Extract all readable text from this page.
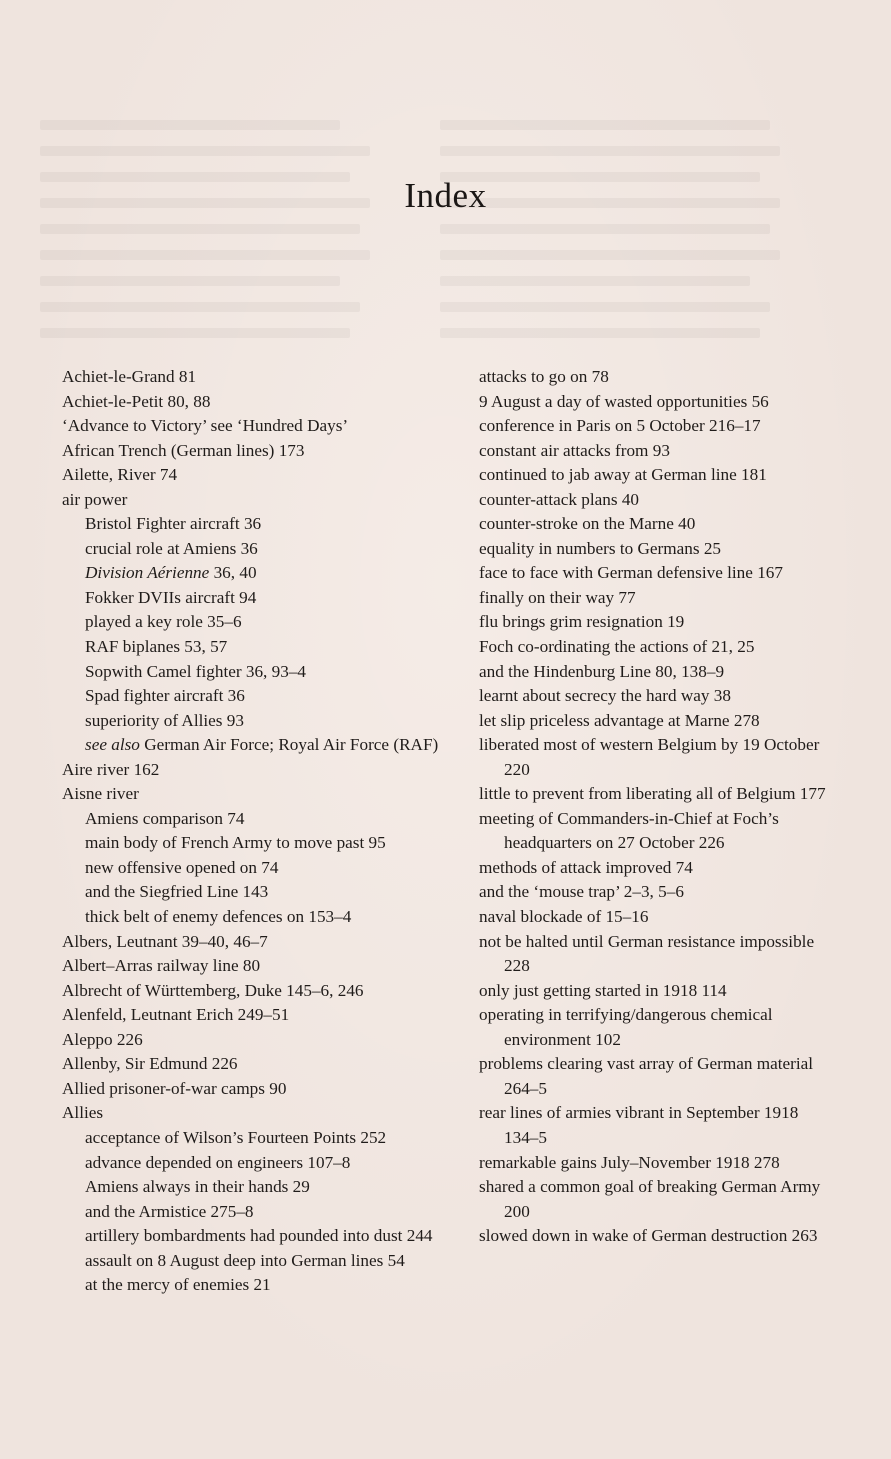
Index
Achiet-le-Grand 81
Achiet-le-Petit 80, 88
‘Advance to Victory’ see ‘Hundred Days’
African Trench (German lines) 173
Ailette, River 74
air power
Bristol Fighter aircraft 36
crucial role at Amiens 36
Division Aérienne 36, 40
Fokker DVIIs aircraft 94
played a key role 35–6
RAF biplanes 53, 57
Sopwith Camel fighter 36, 93–4
Spad fighter aircraft 36
superiority of Allies 93
see also German Air Force; Royal Air Force (RAF)
Aire river 162
Aisne river
Amiens comparison 74
main body of French Army to move past 95
new offensive opened on 74
and the Siegfried Line 143
thick belt of enemy defences on 153–4
Albers, Leutnant 39–40, 46–7
Albert–Arras railway line 80
Albrecht of Württemberg, Duke 145–6, 246
Alenfeld, Leutnant Erich 249–51
Aleppo 226
Allenby, Sir Edmund 226
Allied prisoner-of-war camps 90
Allies
acceptance of Wilson’s Fourteen Points 252
advance depended on engineers 107–8
Amiens always in their hands 29
and the Armistice 275–8
artillery bombardments had pounded into dust 244
assault on 8 August deep into German lines 54
at the mercy of enemies 21
attacks to go on 78
9 August a day of wasted opportunities 56
conference in Paris on 5 October 216–17
constant air attacks from 93
continued to jab away at German line 181
counter-attack plans 40
counter-stroke on the Marne 40
equality in numbers to Germans 25
face to face with German defensive line 167
finally on their way 77
flu brings grim resignation 19
Foch co-ordinating the actions of 21, 25
and the Hindenburg Line 80, 138–9
learnt about secrecy the hard way 38
let slip priceless advantage at Marne 278
liberated most of western Belgium by 19 October 220
little to prevent from liberating all of Belgium 177
meeting of Commanders-in-Chief at Foch’s headquarters on 27 October 226
methods of attack improved 74
and the ‘mouse trap’ 2–3, 5–6
naval blockade of 15–16
not be halted until German resistance impossible 228
only just getting started in 1918 114
operating in terrifying/dangerous chemical environment 102
problems clearing vast array of German material 264–5
rear lines of armies vibrant in September 1918 134–5
remarkable gains July–November 1918 278
shared a common goal of breaking German Army 200
slowed down in wake of German destruction 263
